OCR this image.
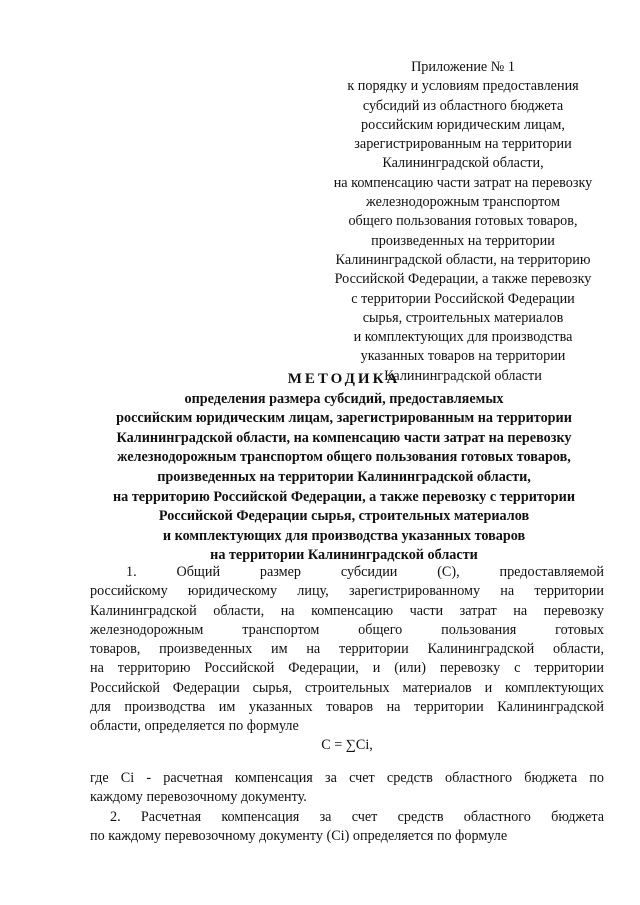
Приложение № 1
к порядку и условиям предоставления
субсидий из областного бюджета
российским юридическим лицам,
зарегистрированным на территории
Калининградской области,
на компенсацию части затрат на перевозку
железнодорожным транспортом
общего пользования готовых товаров,
произведенных на территории
Калининградской области, на территорию
Российской Федерации, а также перевозку
с территории Российской Федерации
сырья, строительных материалов
и комплектующих для производства
указанных товаров на территории
Калининградской области
МЕТОДИКА
определения размера субсидий, предоставляемых
российским юридическим лицам, зарегистрированным на территории
Калининградской области, на компенсацию части затрат на перевозку
железнодорожным транспортом общего пользования готовых товаров,
произведенных на территории Калининградской области,
на территорию Российской Федерации, а также перевозку с территории
Российской Федерации сырья, строительных материалов
и комплектующих для производства указанных товаров
на территории Калининградской области
1. Общий размер субсидии (С), предоставляемой
российскому юридическому лицу, зарегистрированному на территории
Калининградской области, на компенсацию части затрат на перевозку
железнодорожным транспортом общего пользования готовых
товаров, произведенных им на территории Калининградской области,
на территорию Российской Федерации, и (или) перевозку с территории
Российской Федерации сырья, строительных материалов и комплектующих
для производства им указанных товаров на территории Калининградской
области, определяется по формуле
С = ∑Ci,
где Ci - расчетная компенсация за счет средств областного бюджета по
каждому перевозочному документу.
2. Расчетная компенсация за счет средств областного бюджета
по каждому перевозочному документу (Ci) определяется по формуле
